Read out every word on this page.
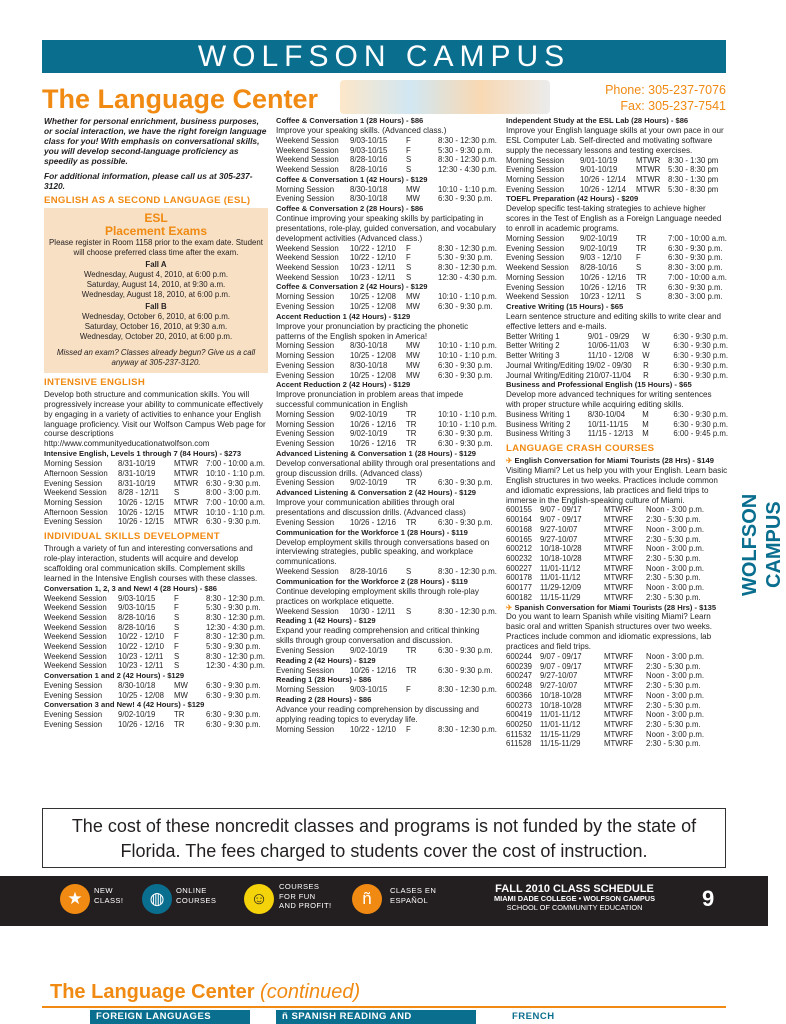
WOLFSON CAMPUS
The Language Center	Phone: 305-237-7076
Fax: 305-237-7541

Whether for personal enrichment, business purposes, or social interaction, we have the right foreign language class for you! With emphasis on conversational skills, you will develop second-language proficiency as speedily as possible.

For additional information, please call us at 305-237-3120.

ENGLISH AS A SECOND LANGUAGE (ESL)
ESL
Placement Exams
Please register in Room 1158 prior to the exam date. Student will choose preferred class time after the exam.
Fall A
Wednesday, August 4, 2010, at 6:00 p.m.
Saturday, August 14, 2010, at 9:30 a.m.
Wednesday, August 18, 2010, at 6:00 p.m.
Fall B
Wednesday, October 6, 2010, at 6:00 p.m.
Saturday, October 16, 2010, at 9:30 a.m.
Wednesday, October 20, 2010, at 6:00 p.m.
Missed an exam? Classes already begun? Give us a call anyway at 305-237-3120.
INTENSIVE ENGLISH

Develop both structure and communication skills. You will progressively increase your ability to communicate effectively by engaging in a variety of activities to enhance your English language proficiency. Visit our Wolfson Campus Web page for course descriptions http://www.communityeducationatwolfson.com

Intensive English, Levels 1 through 7 (84 Hours) - $273
Morning Session	8/31-10/19	MTWR 7:00 - 10:00 a.m.
Afternoon Session	8/31-10/19	MTWR 10:10 - 1:10 p.m.
Evening Session	8/31-10/19	MTWR 6:30 - 9:30 p.m.
Weekend Session	8/28 - 12/11	S	8:00 - 3:00 p.m.
Morning Session	10/26 - 12/15	MTWR 7:00 - 10:00 a.m.
Afternoon Session	10/26 - 12/15	MTWR 10:10 - 1:10 p.m.
Evening Session	10/26 - 12/15	MTWR 6:30 - 9:30 p.m.
INDIVIDUAL SKILLS DEVELOPMENT

Through a variety of fun and interesting conversations and role-play interaction, students will acquire and develop scaffolding oral communication skills. Complement skills learned in the Intensive English courses with these classes.

Conversation 1, 2, 3 and New! 4 (28 Hours) - $86
Weekend Session	9/03-10/15	F	8:30 - 12:30 p.m.
Weekend Session	9/03-10/15	F	5:30 - 9:30 p.m.
Weekend Session	8/28-10/16	S	8:30 - 12:30 p.m.
Weekend Session	8/28-10/16	S	12:30 - 4:30 p.m.
Weekend Session	10/22 - 12/10	F	8:30 - 12:30 p.m.
Weekend Session	10/22 - 12/10	F	5:30 - 9:30 p.m.
Weekend Session	10/23 - 12/11	S	8:30 - 12:30 p.m.
Weekend Session	10/23 - 12/11	S	12:30 - 4:30 p.m.
Conversation 1 and 2 (42 Hours) - $129
Evening Session	8/30-10/18	MW	6:30 - 9:30 p.m.
Evening Session	10/25 - 12/08	MW	6:30 - 9:30 p.m.
Conversation 3 and New! 4 (42 Hours) - $129
Evening Session	9/02-10/19	TR	6:30 - 9:30 p.m.
Evening Session	10/26 - 12/16	TR	6:30 - 9:30 p.m.
Coffee & Conversation 1 (28 Hours) - $86

Improve your speaking skills. (Advanced class.)

Weekend Session	9/03-10/15	F	8:30 - 12:30 p.m.
Weekend Session	9/03-10/15	F	5:30 - 9:30 p.m.
Weekend Session	8/28-10/16	S	8:30 - 12:30 p.m.
Weekend Session	8/28-10/16	S	12:30 - 4:30 p.m.
Coffee & Conversation 1 (42 Hours) - $129
Morning Session	8/30-10/18	MW	10:10 - 1:10 p.m.
Evening Session	8/30-10/18	MW	6:30 - 9:30 p.m.
Coffee & Conversation 2 (28 Hours) - $86

Continue improving your speaking skills by participating in presentations, role-play, guided conversation, and vocabulary development activities (Advanced class.)

Weekend Session	10/22 - 12/10	F	8:30 - 12:30 p.m.
Weekend Session	10/22 - 12/10	F	5:30 - 9:30 p.m.
Weekend Session	10/23 - 12/11	S	8:30 - 12:30 p.m.
Weekend Session	10/23 - 12/11	S	12:30 - 4:30 p.m.
Coffee & Conversation 2 (42 Hours) - $129
Morning Session	10/25 - 12/08	MW	10:10 - 1:10 p.m.
Evening Session	10/25 - 12/08	MW	6:30 - 9:30 p.m.
Accent Reduction 1 (42 Hours) - $129

Improve your pronunciation by practicing the phonetic patterns of the English spoken in America!

Morning Session	8/30-10/18	MW	10:10 - 1:10 p.m.
Morning Session	10/25 - 12/08	MW	10:10 - 1:10 p.m.
Evening Session	8/30-10/18	MW	6:30 - 9:30 p.m.
Evening Session	10/25 - 12/08	MW	6:30 - 9:30 p.m.
Accent Reduction 2 (42 Hours) - $129

Improve pronunciation in problem areas that impede successful communication in English

Morning Session	9/02-10/19	TR	10:10 - 1:10 p.m.
Morning Session	10/26 - 12/16	TR	10:10 - 1:10 p.m.
Evening Session	9/02-10/19	TR	6:30 - 9:30 p.m.
Evening Session	10/26 - 12/16	TR	6:30 - 9:30 p.m.
Advanced Listening & Conversation 1 (28 Hours) - $129

Develop conversational ability through oral presentations and group discussion drills. (Advanced class)

Evening Session	9/02-10/19	TR	6:30 - 9:30 p.m.
Advanced Listening & Conversation 2 (42 Hours) - $129

Improve your communication abilities through oral presentations and discussion drills. (Advanced class)

Evening Session	10/26 - 12/16	TR	6:30 - 9:30 p.m.
Communication for the Workforce 1 (28 Hours) - $119

Develop employment skills through conversations based on interviewing strategies, public speaking, and workplace communications.

Weekend Session	8/28-10/16	S	8:30 - 12:30 p.m.
Communication for the Workforce 2 (28 Hours) - $119

Continue developing employment skills through role-play practices on workplace etiquette.

Weekend Session	10/30 - 12/11	S	8:30 - 12:30 p.m.
Reading 1 (42 Hours) - $129

Expand your reading comprehension and critical thinking skills through group conversation and discussion.

Evening Session	9/02-10/19	TR	6:30 - 9:30 p.m.
Reading 2 (42 Hours) - $129
Evening Session	10/26 - 12/16	TR	6:30 - 9:30 p.m.
Reading 1 (28 Hours) - $86
Morning Session	9/03-10/15	F	8:30 - 12:30 p.m.
Reading 2 (28 Hours) - $86

Advance your reading comprehension by discussing and applying reading topics to everyday life.

Morning Session	10/22 - 12/10	F	8:30 - 12:30 p.m.
Independent Study at the ESL Lab (28 Hours) - $86

Improve your English language skills at your own pace in our ESL Computer Lab. Self-directed and motivating software supply the necessary lessons and testing exercises.

Morning Session	9/01-10/19	MTWR 8:30 - 1:30 pm
Evening Session	9/01-10/19	MTWR 5:30 - 8:30 pm
Morning Session	10/26 - 12/14	MTWR 8:30 - 1:30 pm
Evening Session	10/26 - 12/14	MTWR 5:30 - 8:30 pm
TOEFL Preparation (42 Hours) - $209

Develop specific test-taking strategies to achieve higher scores in the Test of English as a Foreign Language needed to enroll in academic programs.

Morning Session	9/02-10/19	TR	7:00 - 10:00 a.m.
Evening Session	9/02-10/19	TR	6:30 - 9:30 p.m.
Evening Session	9/03 - 12/10	F	6:30 - 9:30 p.m.
Weekend Session	8/28-10/16	S	8:30 - 3:00 p.m.
Morning Session	10/26 - 12/16	TR	7:00 - 10:00 a.m.
Evening Session	10/26 - 12/16	TR	6:30 - 9:30 p.m.
Weekend Session	10/23 - 12/11	S	8:30 - 3:00 p.m.
Creative Writing (15 Hours) - $65

Learn sentence structure and editing skills to write clear and effective letters and e-mails.

Better Writing 1	9/01 - 09/29	W	6:30 - 9:30 p.m.
Better Writing 2	10/06-11/03	W	6:30 - 9:30 p.m.
Better Writing 3	11/10 - 12/08	W	6:30 - 9:30 p.m.
Journal Writing/Editing 1 9/02 - 09/30	R	6:30 - 9:30 p.m.
Journal Writing/Editing 2 10/07-11/04	R	6:30 - 9:30 p.m.
Business and Professional English (15 Hours) - $65

Develop more advanced techniques for writing sentences with proper structure while acquiring editing skills.

Business Writing 1	8/30-10/04	M	6:30 - 9:30 p.m.
Business Writing 2	10/11-11/15	M	6:30 - 9:30 p.m.
Business Writing 3	11/15 - 12/13	M	6:00 - 9:45 p.m.
LANGUAGE CRASH COURSES
✈ English Conversation for Miami Tourists (28 Hrs) - $149

Visiting Miami? Let us help you with your English. Learn basic English structures in two weeks. Practices include common and idiomatic expressions, lab practices and field trips to immerse in the English-speaking culture of Miami.

600155	9/07 - 09/17	MTWRF	Noon - 3:00 p.m.
600164	9/07 - 09/17	MTWRF	2:30 - 5:30 p.m.
600168	9/27-10/07	MTWRF	Noon - 3:00 p.m.
600165	9/27-10/07	MTWRF	2:30 - 5:30 p.m.
600212	10/18-10/28	MTWRF	Noon - 3:00 p.m.
600232	10/18-10/28	MTWRF	2:30 - 5:30 p.m.
600227	11/01-11/12	MTWRF	Noon - 3:00 p.m.
600178	11/01-11/12	MTWRF	2:30 - 5:30 p.m.
600177	11/29-12/09	MTWRF	Noon - 3:00 p.m.
600182	11/15-11/29	MTWRF	2:30 - 5:30 p.m.
✈ Spanish Conversation for Miami Tourists (28 Hrs) - $135

Do you want to learn Spanish while visiting Miami? Learn basic oral and written Spanish structures over two weeks. Practices include common and idiomatic expressions, lab practices and field trips.

600244	9/07 - 09/17	MTWRF	Noon - 3:00 p.m.
600239	9/07 - 09/17	MTWRF	2:30 - 5:30 p.m.
600247	9/27-10/07	MTWRF	Noon - 3:00 p.m.
600248	9/27-10/07	MTWRF	2:30 - 5:30 p.m.
600366	10/18-10/28	MTWRF	Noon - 3:00 p.m.
600273	10/18-10/28	MTWRF	2:30 - 5:30 p.m.
600419	11/01-11/12	MTWRF	Noon - 3:00 p.m.
600250	11/01-11/12	MTWRF	2:30 - 5:30 p.m.
611532	11/15-11/29	MTWRF	Noon - 3:00 p.m.
611528	11/15-11/29	MTWRF	2:30 - 5:30 p.m.
WOLFSON CAMPUS
The cost of these noncredit classes and programs is not funded by the state of Florida. The fees charged to students cover the cost of instruction.
★	NEW
CLASS!	◍	ONLINE
COURSES	☺
COURSES
FOR FUN
AND PROFIT!	ñ	CLASES EN
ESPAÑOL
FALL 2010 CLASS SCHEDULE
MIAMI DADE COLLEGE • WOLFSON CAMPUS
SCHOOL OF COMMUNITY EDUCATION	9
The Language Center (continued)
FOREIGN LANGUAGES	ñ SPANISH READING AND	FRENCH
